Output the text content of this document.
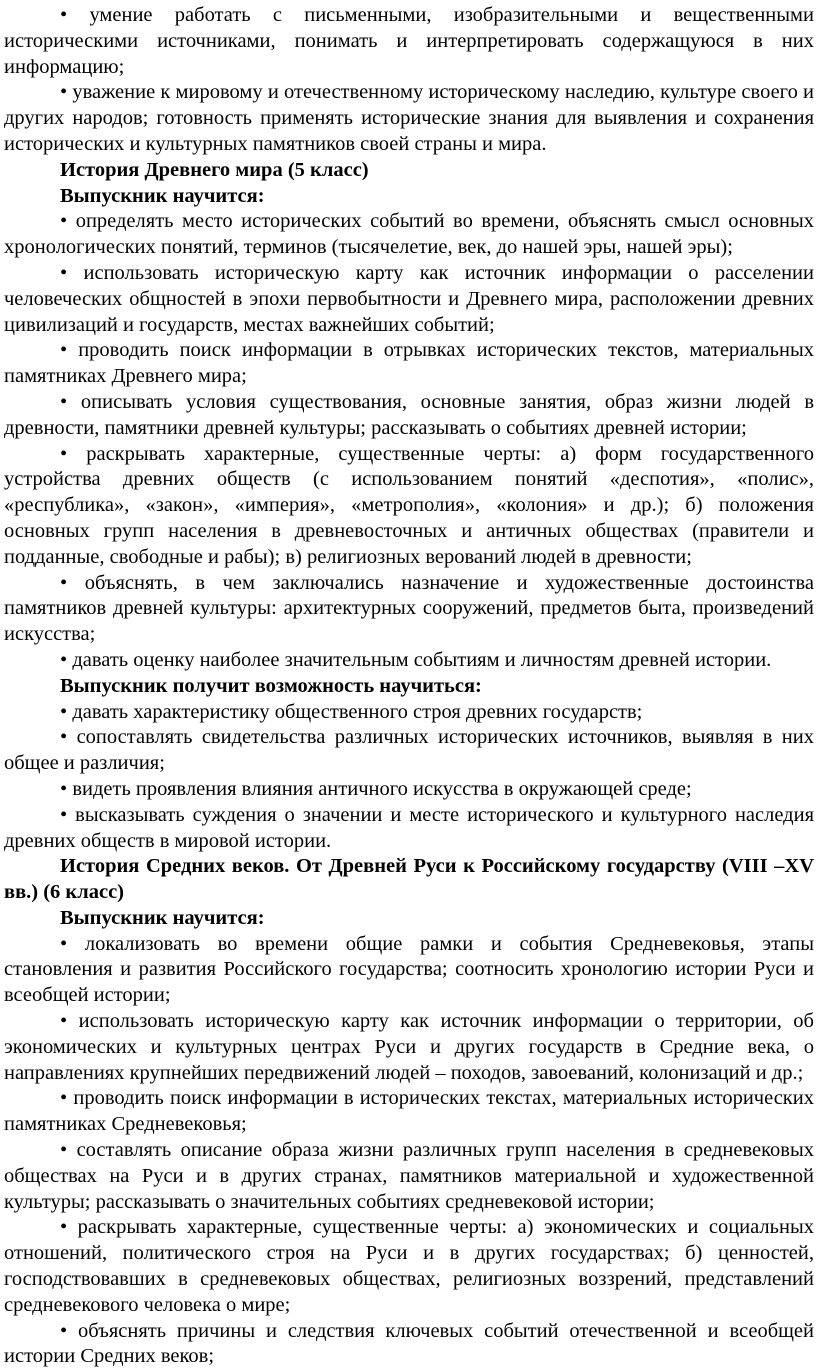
• умение работать с письменными, изобразительными и вещественными историческими источниками, понимать и интерпретировать содержащуюся в них информацию;

• уважение к мировому и отечественному историческому наследию, культуре своего и других народов; готовность применять исторические знания для выявления и сохранения исторических и культурных памятников своей страны и мира.

История Древнего мира (5 класс)

Выпускник научится:

• определять место исторических событий во времени, объяснять смысл основных хронологических понятий, терминов (тысячелетие, век, до нашей эры, нашей эры);

• использовать историческую карту как источник информации о расселении человеческих общностей в эпохи первобытности и Древнего мира, расположении древних цивилизаций и государств, местах важнейших событий;

• проводить поиск информации в отрывках исторических текстов, материальных памятниках Древнего мира;

• описывать условия существования, основные занятия, образ жизни людей в древности, памятники древней культуры; рассказывать о событиях древней истории;

• раскрывать характерные, существенные черты: а) форм государственного устройства древних обществ (с использованием понятий «деспотия», «полис», «республика», «закон», «империя», «метрополия», «колония» и др.); б) положения основных групп населения в древневосточных и античных обществах (правители и подданные, свободные и рабы); в) религиозных верований людей в древности;

• объяснять, в чем заключались назначение и художественные достоинства памятников древней культуры: архитектурных сооружений, предметов быта, произведений искусства;

• давать оценку наиболее значительным событиям и личностям древней истории.

Выпускник получит возможность научиться:

• давать характеристику общественного строя древних государств;

• сопоставлять свидетельства различных исторических источников, выявляя в них общее и различия;

• видеть проявления влияния античного искусства в окружающей среде;

• высказывать суждения о значении и месте исторического и культурного наследия древних обществ в мировой истории.

История Средних веков. От Древней Руси к Российскому государству (VIII –XV вв.) (6 класс)

Выпускник научится:

• локализовать во времени общие рамки и события Средневековья, этапы становления и развития Российского государства; соотносить хронологию истории Руси и всеобщей истории;

• использовать историческую карту как источник информации о территории, об экономических и культурных центрах Руси и других государств в Средние века, о направлениях крупнейших передвижений людей – походов, завоеваний, колонизаций и др.;

• проводить поиск информации в исторических текстах, материальных исторических памятниках Средневековья;

• составлять описание образа жизни различных групп населения в средневековых обществах на Руси и в других странах, памятников материальной и художественной культуры; рассказывать о значительных событиях средневековой истории;

• раскрывать характерные, существенные черты: а) экономических и социальных отношений, политического строя на Руси и в других государствах; б) ценностей, господствовавших в средневековых обществах, религиозных воззрений, представлений средневекового человека о мире;

• объяснять причины и следствия ключевых событий отечественной и всеобщей истории Средних веков;
